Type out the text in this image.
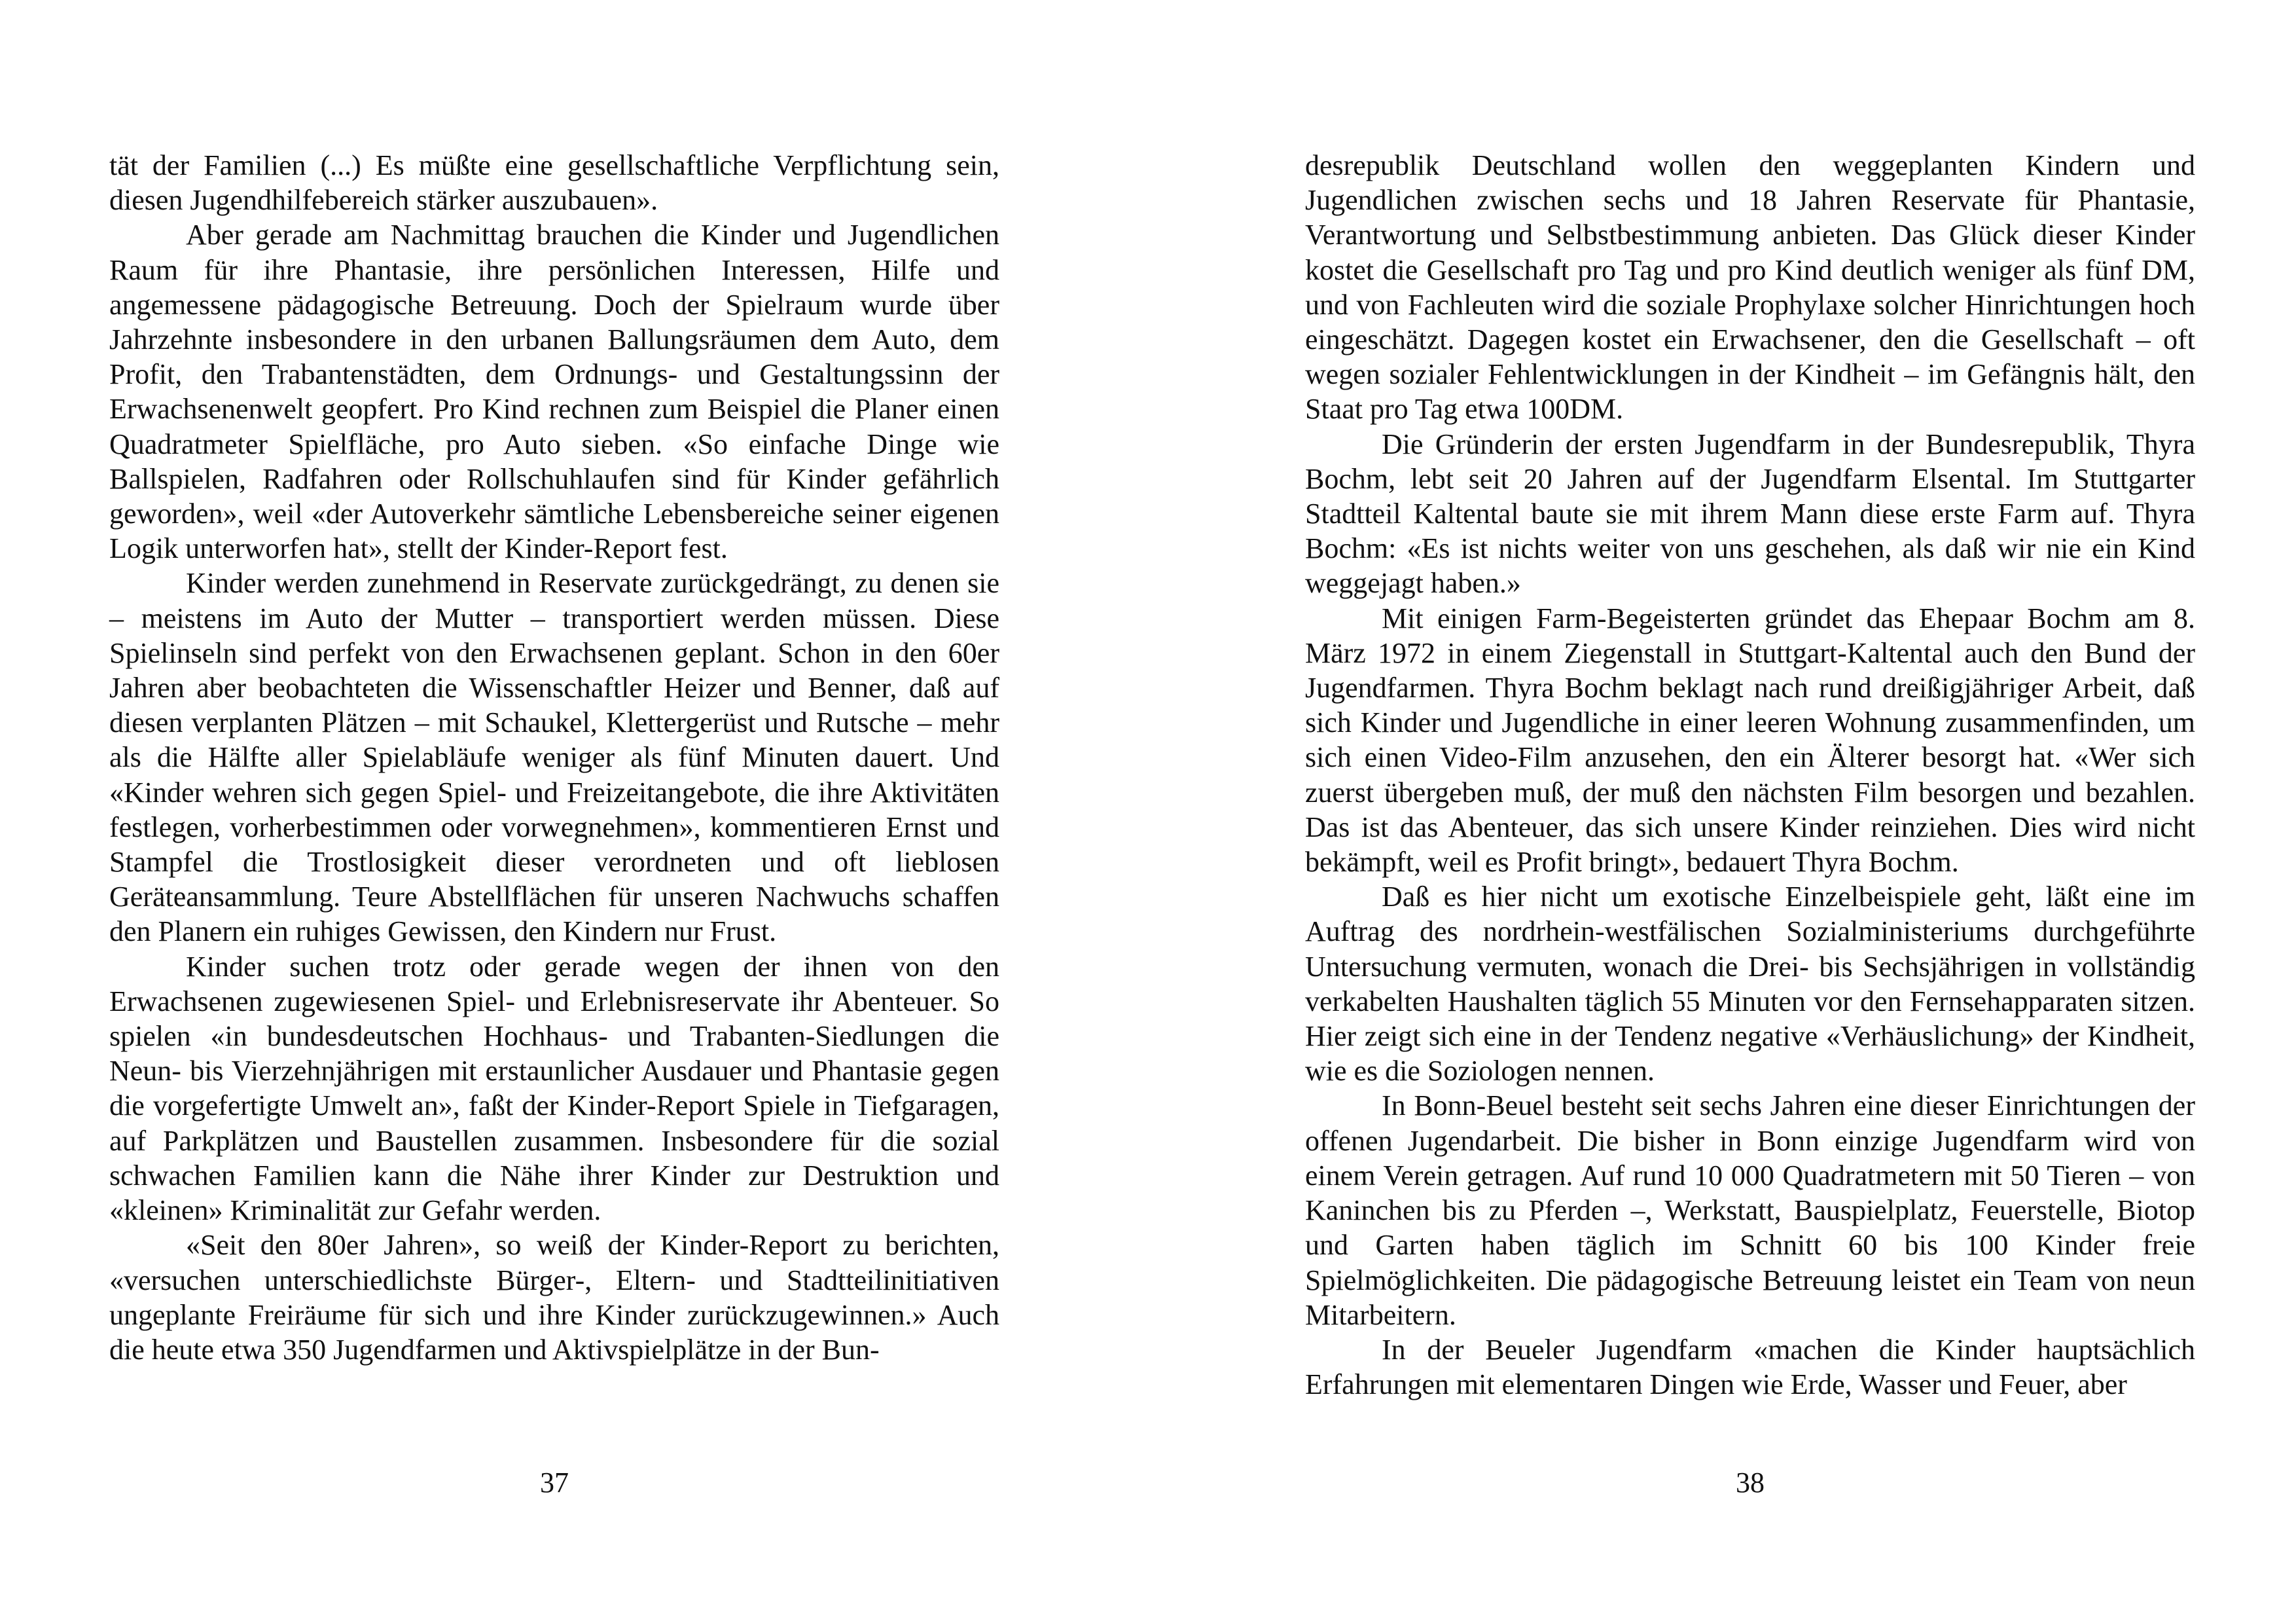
tät der Familien (...) Es müßte eine gesellschaftliche Verpflichtung sein, diesen Jugendhilfebereich stärker auszubauen».

Aber gerade am Nachmittag brauchen die Kinder und Jugendlichen Raum für ihre Phantasie, ihre persönlichen Interessen, Hilfe und angemessene pädagogische Betreuung. Doch der Spielraum wurde über Jahrzehnte insbesondere in den urbanen Ballungsräumen dem Auto, dem Profit, den Trabantenstädten, dem Ordnungs- und Gestaltungssinn der Erwachsenenwelt geopfert. Pro Kind rechnen zum Beispiel die Planer einen Quadratmeter Spielfläche, pro Auto sieben. «So einfache Dinge wie Ballspielen, Radfahren oder Rollschuhlaufen sind für Kinder gefährlich geworden», weil «der Autoverkehr sämtliche Lebensbereiche seiner eigenen Logik unterworfen hat», stellt der Kinder-Report fest.

Kinder werden zunehmend in Reservate zurückgedrängt, zu denen sie – meistens im Auto der Mutter – transportiert werden müssen. Diese Spielinseln sind perfekt von den Erwachsenen geplant. Schon in den 60er Jahren aber beobachteten die Wissenschaftler Heizer und Benner, daß auf diesen verplanten Plätzen – mit Schaukel, Klettergerüst und Rutsche – mehr als die Hälfte aller Spielabläufe weniger als fünf Minuten dauert. Und «Kinder wehren sich gegen Spiel- und Freizeitangebote, die ihre Aktivitäten festlegen, vorherbestimmen oder vorwegnehmen», kommentieren Ernst und Stampfel die Trostlosigkeit dieser verordneten und oft lieblosen Geräteansammlung. Teure Abstellflächen für unseren Nachwuchs schaffen den Planern ein ruhiges Gewissen, den Kindern nur Frust.

Kinder suchen trotz oder gerade wegen der ihnen von den Erwachsenen zugewiesenen Spiel- und Erlebnisreservate ihr Abenteuer. So spielen «in bundesdeutschen Hochhaus- und Trabanten-Siedlungen die Neun- bis Vierzehnjährigen mit erstaunlicher Ausdauer und Phantasie gegen die vorgefertigte Umwelt an», faßt der Kinder-Report Spiele in Tiefgaragen, auf Parkplätzen und Baustellen zusammen. Insbesondere für die sozial schwachen Familien kann die Nähe ihrer Kinder zur Destruktion und «kleinen» Kriminalität zur Gefahr werden.

«Seit den 80er Jahren», so weiß der Kinder-Report zu berichten, «versuchen unterschiedlichste Bürger-, Eltern- und Stadtteilinitiativen ungeplante Freiräume für sich und ihre Kinder zurückzugewinnen.» Auch die heute etwa 350 Jugendfarmen und Aktivspielplätze in der Bun-

37

desrepublik Deutschland wollen den weggeplanten Kindern und Jugendlichen zwischen sechs und 18 Jahren Reservate für Phantasie, Verantwortung und Selbstbestimmung anbieten. Das Glück dieser Kinder kostet die Gesellschaft pro Tag und pro Kind deutlich weniger als fünf DM, und von Fachleuten wird die soziale Prophylaxe solcher Hinrichtungen hoch eingeschätzt. Dagegen kostet ein Erwachsener, den die Gesellschaft – oft wegen sozialer Fehlentwicklungen in der Kindheit – im Gefängnis hält, den Staat pro Tag etwa 100DM.

Die Gründerin der ersten Jugendfarm in der Bundesrepublik, Thyra Bochm, lebt seit 20 Jahren auf der Jugendfarm Elsental. Im Stuttgarter Stadtteil Kaltental baute sie mit ihrem Mann diese erste Farm auf. Thyra Bochm: «Es ist nichts weiter von uns geschehen, als daß wir nie ein Kind weggejagt haben.»

Mit einigen Farm-Begeisterten gründet das Ehepaar Bochm am 8. März 1972 in einem Ziegenstall in Stuttgart-Kaltental auch den Bund der Jugendfarmen. Thyra Bochm beklagt nach rund dreißigjähriger Arbeit, daß sich Kinder und Jugendliche in einer leeren Wohnung zusammenfinden, um sich einen Video-Film anzusehen, den ein Älterer besorgt hat. «Wer sich zuerst übergeben muß, der muß den nächsten Film besorgen und bezahlen. Das ist das Abenteuer, das sich unsere Kinder reinziehen. Dies wird nicht bekämpft, weil es Profit bringt», bedauert Thyra Bochm.

Daß es hier nicht um exotische Einzelbeispiele geht, läßt eine im Auftrag des nordrhein-westfälischen Sozialministeriums durchgeführte Untersuchung vermuten, wonach die Drei- bis Sechsjährigen in vollständig verkabelten Haushalten täglich 55 Minuten vor den Fernsehapparaten sitzen. Hier zeigt sich eine in der Tendenz negative «Verhäuslichung» der Kindheit, wie es die Soziologen nennen.

In Bonn-Beuel besteht seit sechs Jahren eine dieser Einrichtungen der offenen Jugendarbeit. Die bisher in Bonn einzige Jugendfarm wird von einem Verein getragen. Auf rund 10 000 Quadratmetern mit 50 Tieren – von Kaninchen bis zu Pferden –, Werkstatt, Bauspielplatz, Feuerstelle, Biotop und Garten haben täglich im Schnitt 60 bis 100 Kinder freie Spielmöglichkeiten. Die pädagogische Betreuung leistet ein Team von neun Mitarbeitern.

In der Beueler Jugendfarm «machen die Kinder hauptsächlich Erfahrungen mit elementaren Dingen wie Erde, Wasser und Feuer, aber

38
